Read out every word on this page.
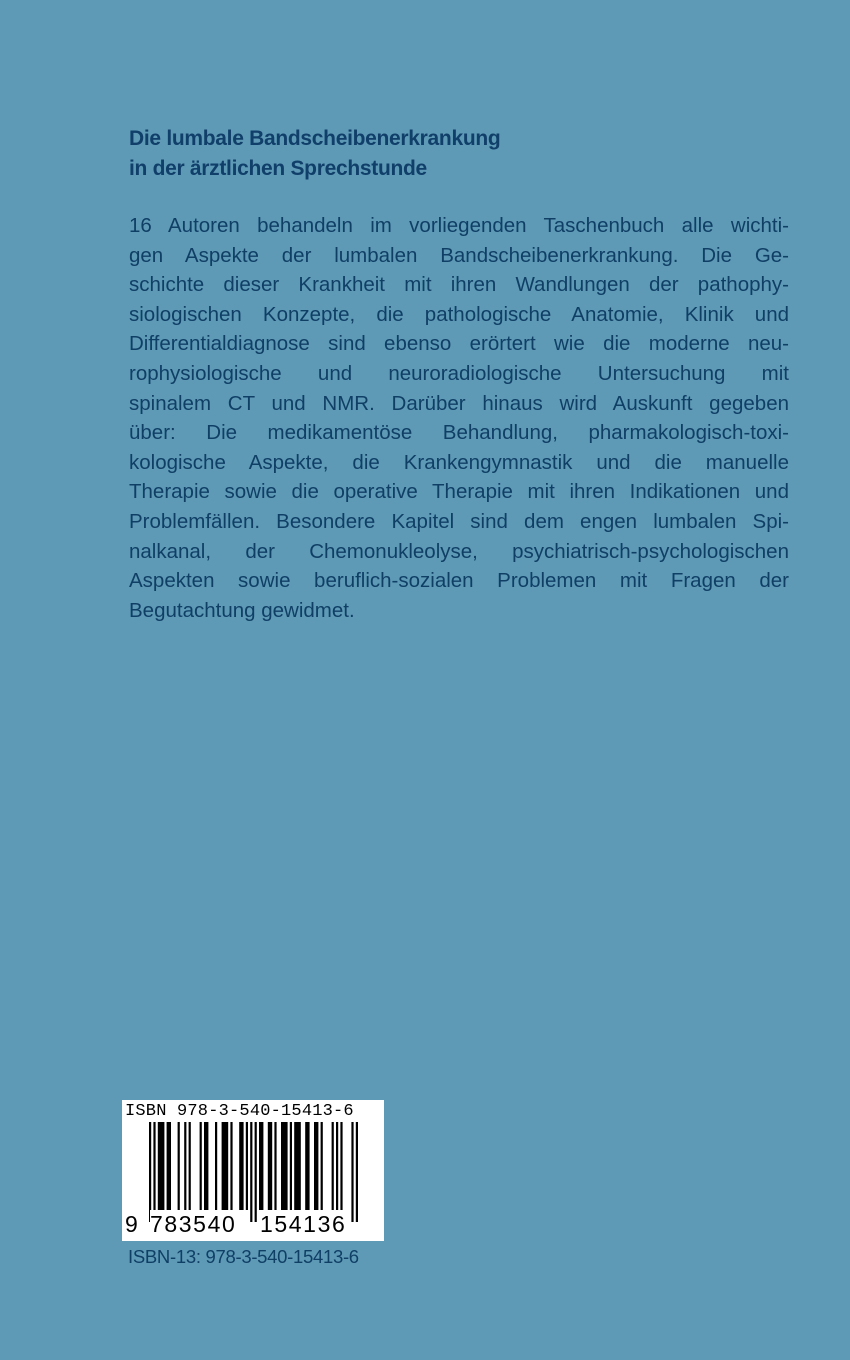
Die lumbale Bandscheibenerkrankung
in der ärztlichen Sprechstunde
16 Autoren behandeln im vorliegenden Taschenbuch alle wichti-
gen Aspekte der lumbalen Bandscheibenerkrankung. Die Ge-
schichte dieser Krankheit mit ihren Wandlungen der pathophy-
siologischen Konzepte, die pathologische Anatomie, Klinik und
Differentialdiagnose sind ebenso erörtert wie die moderne neu-
rophysiologische und neuroradiologische Untersuchung mit
spinalem CT und NMR. Darüber hinaus wird Auskunft gegeben
über: Die medikamentöse Behandlung, pharmakologisch-toxi-
kologische Aspekte, die Krankengymnastik und die manuelle
Therapie sowie die operative Therapie mit ihren Indikationen und
Problemfällen. Besondere Kapitel sind dem engen lumbalen Spi-
nalkanal, der Chemonukleolyse, psychiatrisch-psychologischen
Aspekten sowie beruflich-sozialen Problemen mit Fragen der
Begutachtung gewidmet.
ISBN 978-3-540-15413-6
9 783540 154136
ISBN-13: 978-3-540-15413-6
